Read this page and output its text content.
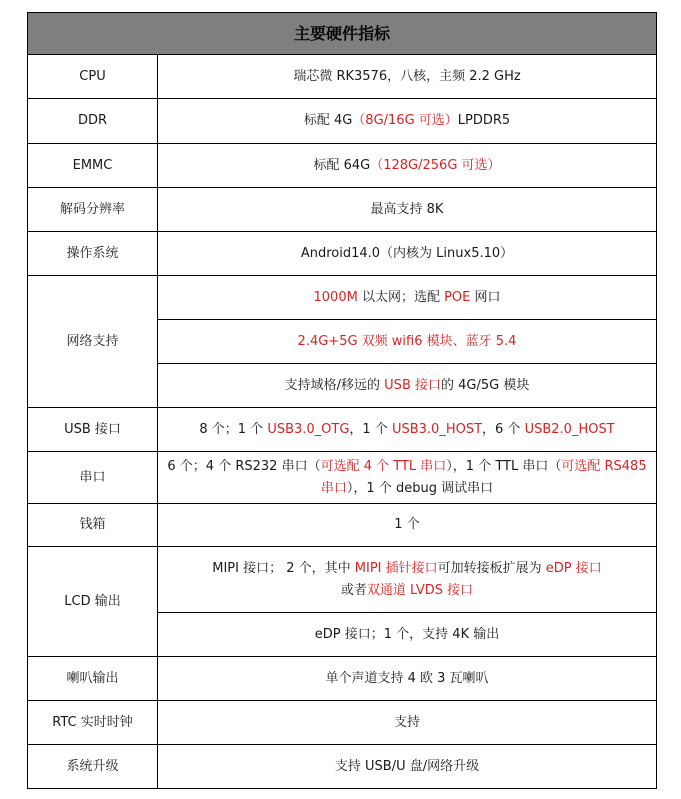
主要硬件指标	
CPU	瑞芯微 RK3576，八核，主频 2.2 GHz
DDR	标配 4G（8G/16G 可选）LPDDR5
EMMC	标配 64G（128G/256G 可选）
解码分辨率	最高支持 8K
操作系统	Android14.0（内核为 Linux5.10）
网络支持	1000M 以太网；选配 POE 网口
	2.4G+5G 双频 wifi6 模块、蓝牙 5.4
	支持域格/移远的 USB 接口的 4G/5G 模块
USB 接口	8 个；1 个 USB3.0_OTG，1 个 USB3.0_HOST，6 个 USB2.0_HOST
串口	6 个；4 个 RS232 串口（可选配 4 个 TTL 串口），1 个 TTL 串口（可选配 RS485 串口），1 个 debug 调试串口
钱箱	1 个
LCD 输出	MIPI 接口； 2 个，其中 MIPI 插针接口可加转接板扩展为 eDP 接口
或者双通道 LVDS 接口
	eDP 接口；1 个，支持 4K 输出
喇叭输出	单个声道支持 4 欧 3 瓦喇叭
RTC 实时时钟	支持
系统升级	支持 USB/U 盘/网络升级
